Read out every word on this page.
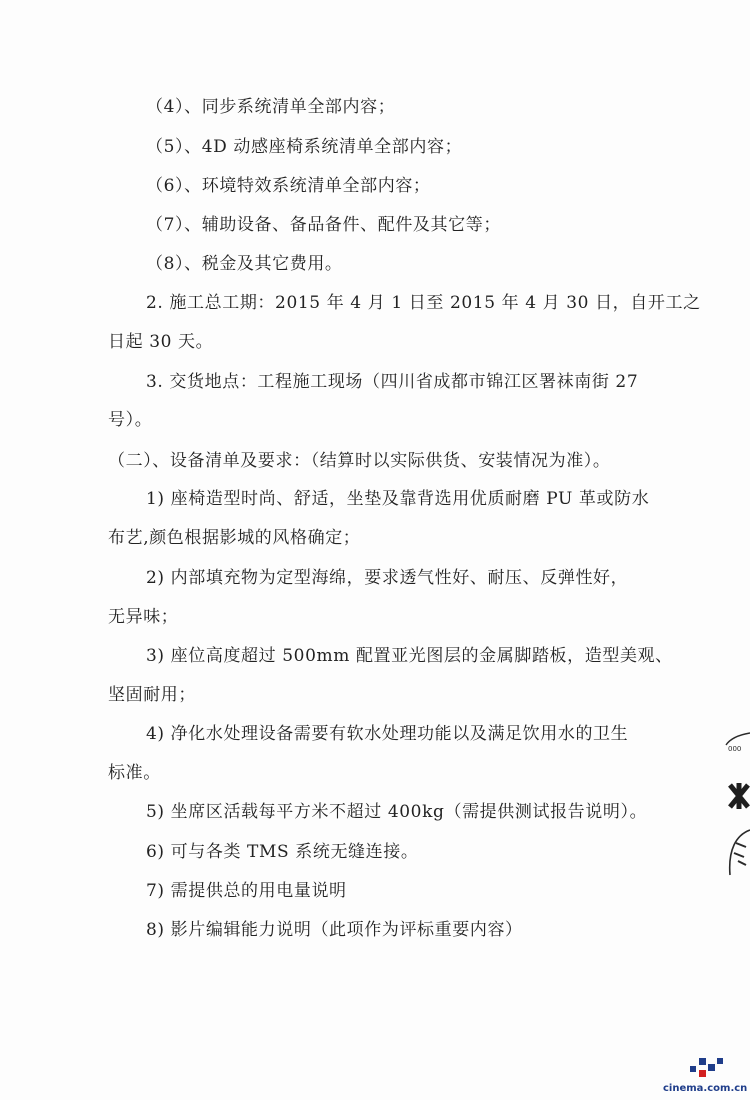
（4）、同步系统清单全部内容；
（5）、4D 动感座椅系统清单全部内容；
（6）、环境特效系统清单全部内容；
（7）、辅助设备、备品备件、配件及其它等；
（8）、税金及其它费用。
2. 施工总工期：2015 年 4 月 1 日至 2015 年 4 月 30 日，自开工之
日起 30 天。
3. 交货地点：工程施工现场（四川省成都市锦江区署袜南街 27
号）。
（二）、设备清单及要求：（结算时以实际供货、安装情况为准）。
1) 座椅造型时尚、舒适，坐垫及靠背选用优质耐磨 PU 革或防水
布艺,颜色根据影城的风格确定；
2) 内部填充物为定型海绵，要求透气性好、耐压、反弹性好，
无异味；
3) 座位高度超过 500mm 配置亚光图层的金属脚踏板，造型美观、
坚固耐用；
4) 净化水处理设备需要有软水处理功能以及满足饮用水的卫生
标准。
5) 坐席区活载每平方米不超过 400kg（需提供测试报告说明）。
6) 可与各类 TMS 系统无缝连接。
7) 需提供总的用电量说明
8) 影片编辑能力说明（此项作为评标重要内容）
000
cinema.com.cn
